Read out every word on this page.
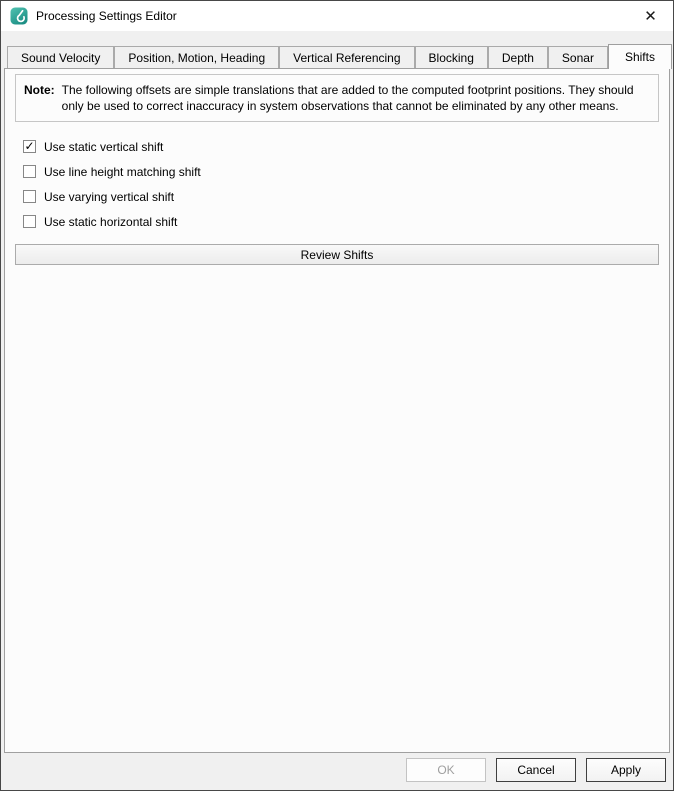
Processing Settings Editor	✕
Sound Velocity Position, Motion, Heading Vertical Referencing Blocking Depth Sonar	Shifts
Note: The following offsets are simple translations that are added to the computed footprint positions. They should only be used to correct inaccuracy in system observations that cannot be eliminated by any other means.
✓ Use static vertical shift
Use line height matching shift
Use varying vertical shift
Use static horizontal shift
Review Shifts
OK	Cancel	Apply
